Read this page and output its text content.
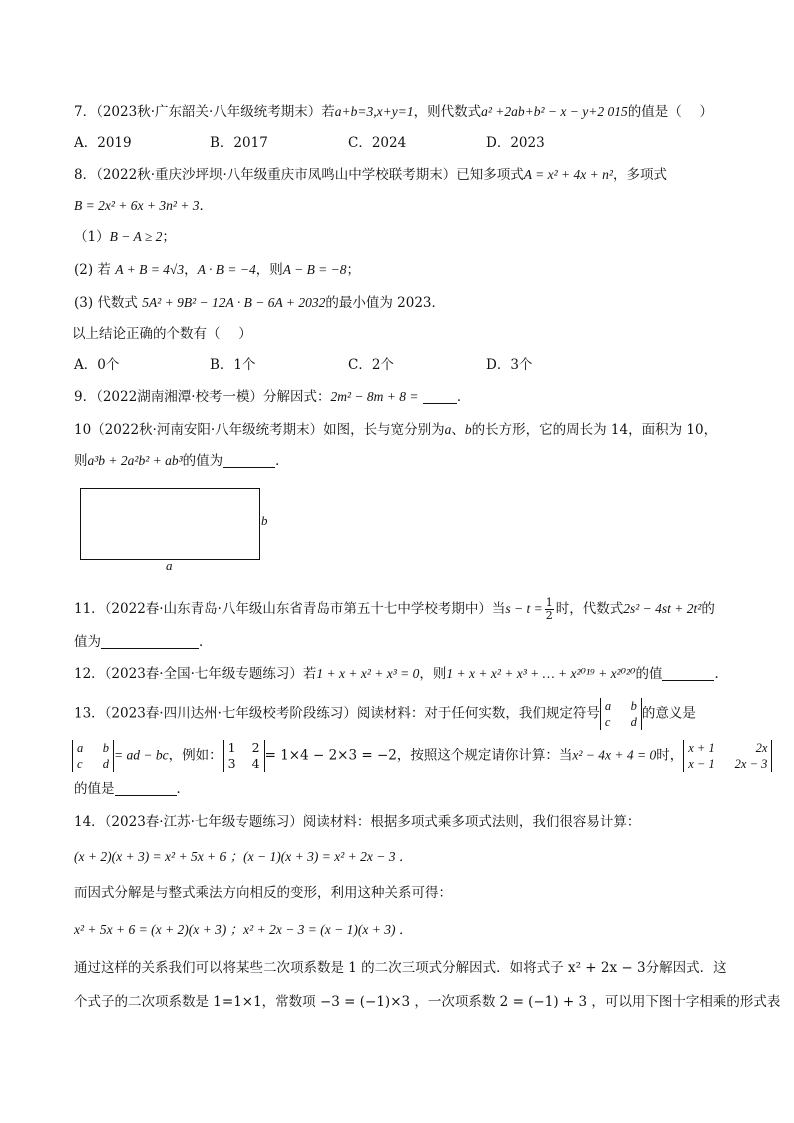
7．（2023秋·广东韶关·八年级统考期末）若a+b=3,x+y=1，则代数式a² +2ab+b² − x − y+2 015的值是（　 ）
A．2019	B．2017	C．2024	D．2023
8．（2022秋·重庆沙坪坝·八年级重庆市凤鸣山中学校联考期末）已知多项式A = x² + 4x + n²，多项式
B = 2x² + 6x + 3n² + 3．
（1）B − A ≥ 2；
(2) 若 A + B = 4√3，A · B = −4，则A − B = −8；
(3) 代数式 5A² + 9B² − 12A · B − 6A + 2032的最小值为 2023．
以上结论正确的个数有（　 ）
A．0个	B．1个	C．2个	D．3个
9．（2022湖南湘潭·校考一模）分解因式：2m² − 8m + 8 =	．
10（2022秋·河南安阳·八年级统考期末）如图，长与宽分别为a、b的长方形，它的周长为 14，面积为 10，
则a³b + 2a²b² + ab³的值为	．
b
a
11．（2022春·山东青岛·八年级山东省青岛市第五十七中学校考期中）当$s - t = \frac{1}{2}$ 时，代数式2s² − 4st + 2t²的
值为	．
12．（2023春·全国·七年级专题练习）若1 + x + x² + x³ = 0，则1 + x + x² + x³ + … + x²⁰¹⁹ + x²⁰²⁰的值	．
13．（2023春·四川达州·七年级校考阶段练习）阅读材料：对于任何实数，我们规定符号 a b
c d
的意义是
a b
c d
= ad − bc，例如： 1 2
3 4 = 1×4 − 2×3 = −2，按照这个规定请你计算：当x² − 4x + 4 = 0时， x + 1	2x
x − 1 2x − 3
的值是	．
14．（2023春·江苏·七年级专题练习）阅读材料：根据多项式乘多项式法则，我们很容易计算：
(x + 2)(x + 3) = x² + 5x + 6 ；(x − 1)(x + 3) = x² + 2x − 3 ．
而因式分解是与整式乘法方向相反的变形，利用这种关系可得：
x² + 5x + 6 = (x + 2)(x + 3) ；x² + 2x − 3 = (x − 1)(x + 3) ．
通过这样的关系我们可以将某些二次项系数是 1 的二次三项式分解因式．如将式子 x² + 2x − 3分解因式．这
个式子的二次项系数是 1=1×1，常数项 −3 = (−1)×3 ，一次项系数 2 = (−1) + 3 ，可以用下图十字相乘的形式表
